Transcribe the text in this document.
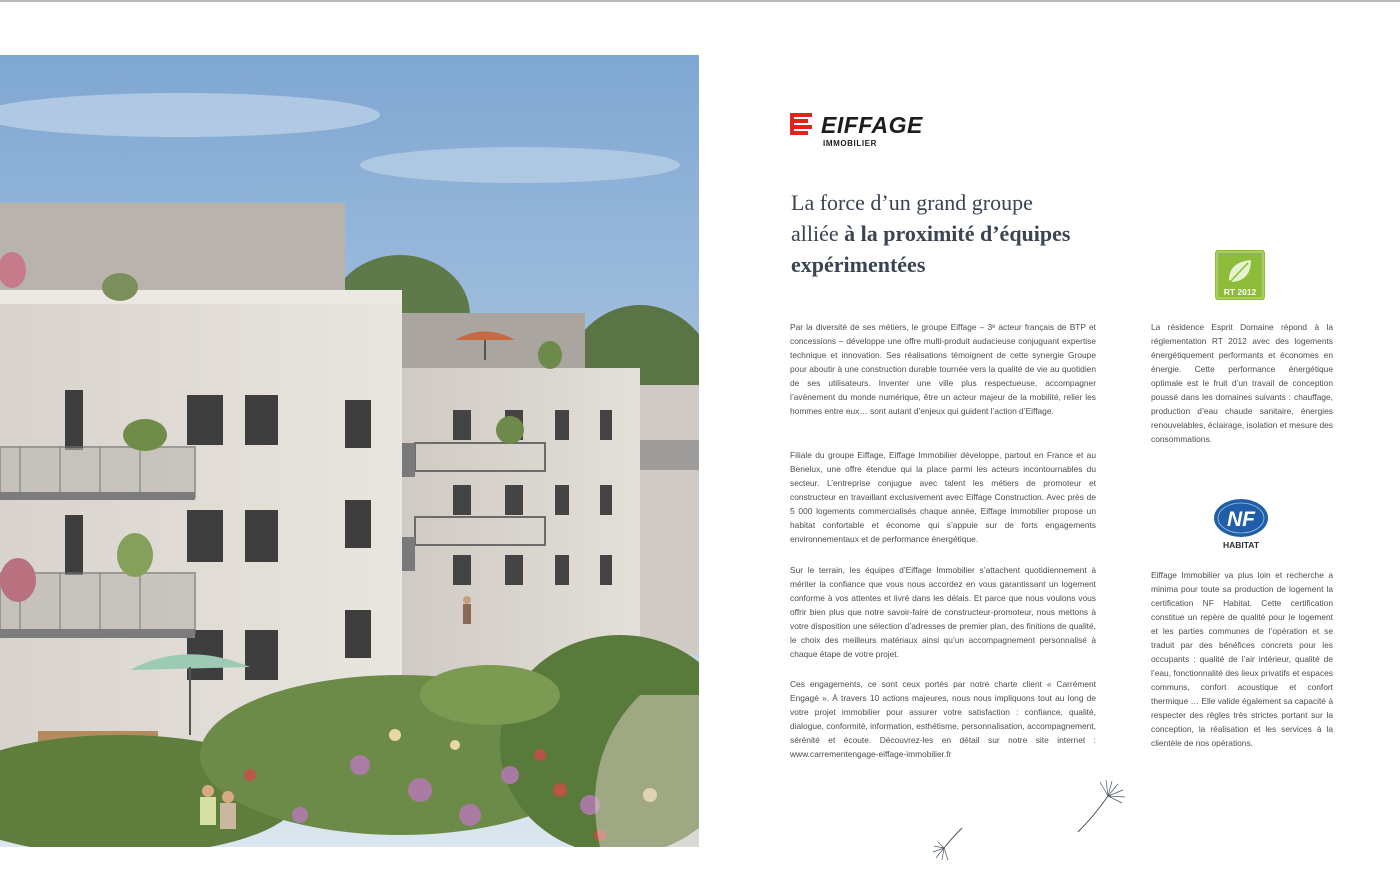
EIFFAGE
IMMOBILIER
La force d’un grand groupe
alliée à la proximité d’équipes
expérimentées

Par la diversité de ses métiers, le groupe Eiffage – 3ᵉ acteur français de BTP et concessions – développe une offre multi-produit audacieuse conjuguant expertise technique et innovation. Ses réalisations témoignent de cette synergie Groupe pour aboutir à une construction durable tournée vers la qualité de vie au quotidien de ses utilisateurs. Inventer une ville plus respectueuse, accompagner l’avènement du monde numérique, être un acteur majeur de la mobilité, relier les hommes entre eux… sont autant d’enjeux qui guident l’action d’Eiffage.

Filiale du groupe Eiffage, Eiffage Immobilier développe, partout en France et au Benelux, une offre étendue qui la place parmi les acteurs incontournables du secteur. L’entreprise conjugue avec talent les métiers de promoteur et constructeur en travaillant exclusivement avec Eiffage Construction. Avec près de 5 000 logements commercialisés chaque année, Eiffage Immobilier propose un habitat confortable et économe qui s’appuie sur de forts engagements environnementaux et de performance énergétique.

Sur le terrain, les équipes d’Eiffage Immobilier s’attachent quotidiennement à mériter la confiance que vous nous accordez en vous garantissant un logement conforme à vos attentes et livré dans les délais. Et parce que nous voulons vous offrir bien plus que notre savoir-faire de constructeur-promoteur, nous mettons à votre disposition une sélection d’adresses de premier plan, des finitions de qualité, le choix des meilleurs matériaux ainsi qu’un accompagnement personnalisé à chaque étape de votre projet.

Ces engagements, ce sont ceux portés par notre charte client « Carrément Engagé ». À travers 10 actions majeures, nous nous impliquons tout au long de votre projet immobilier pour assurer votre satisfaction : confiance, qualité, dialogue, conformité, information, esthétisme, personnalisation, accompagnement, sérénité et écoute. Découvrez-les en détail sur notre site internet : www.carrementengage-eiffage-immobilier.fr

RT 2012

La résidence Esprit Domaine répond à la réglementation RT 2012 avec des logements énergétiquement performants et économes en énergie. Cette performance énergétique optimale est le fruit d’un travail de conception poussé dans les domaines suivants : chauffage, production d’eau chaude sanitaire, énergies renouvelables, éclairage, isolation et mesure des consommations.

NF
HABITAT

Eiffage Immobilier va plus loin et recherche a minima pour toute sa production de logement la certification NF Habitat. Cette certification constitue un repère de qualité pour le logement et les parties communes de l’opération et se traduit par des bénéfices concrets pour les occupants : qualité de l’air intérieur, qualité de l’eau, fonctionnalité des lieux privatifs et espaces communs, confort acoustique et confort thermique … Elle valide également sa capacité à respecter des règles très strictes portant sur la conception, la réalisation et les services à la clientèle de nos opérations.
